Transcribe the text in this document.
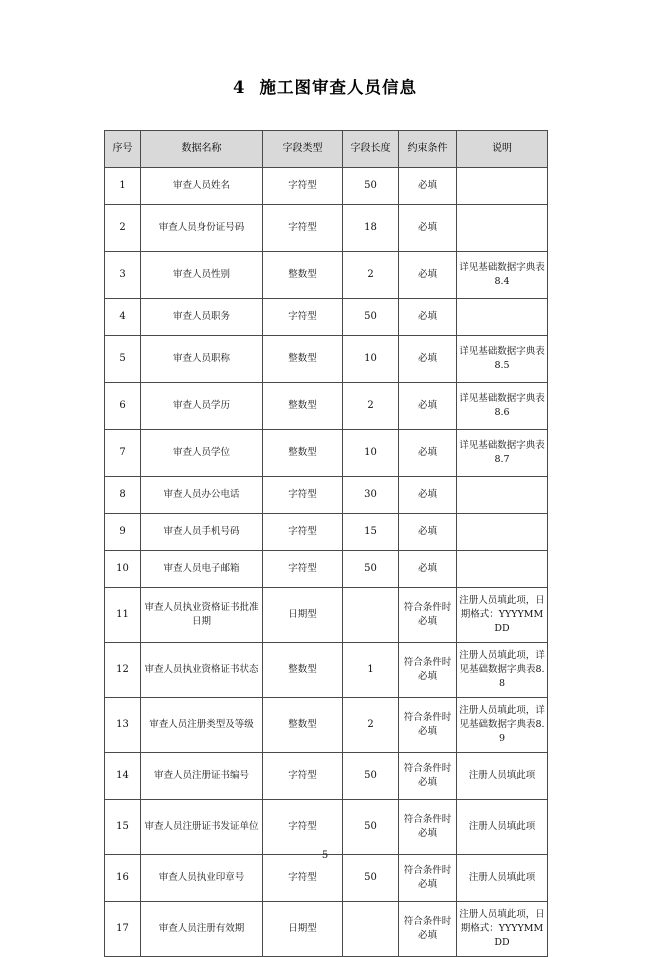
4 施工图审查人员信息
序号	数据名称	字段类型	字段长度	约束条件	说明
1	审查人员姓名	字符型	50	必填	
2	审查人员身份证号码	字符型	18	必填	
3	审查人员性别	整数型	2	必填	详见基础数据字典表8.4
4	审查人员职务	字符型	50	必填	
5	审查人员职称	整数型	10	必填	详见基础数据字典表8.5
6	审查人员学历	整数型	2	必填	详见基础数据字典表8.6
7	审查人员学位	整数型	10	必填	详见基础数据字典表8.7
8	审查人员办公电话	字符型	30	必填	
9	审查人员手机号码	字符型	15	必填	
10	审查人员电子邮箱	字符型	50	必填	
11	审查人员执业资格证书批准日期	日期型		符合条件时必填	注册人员填此项，日期格式：YYYYMMDD
12	审查人员执业资格证书状态	整数型	1	符合条件时必填	注册人员填此项，详见基础数据字典表8.8
13	审查人员注册类型及等级	整数型	2	符合条件时必填	注册人员填此项，详见基础数据字典表8.9
14	审查人员注册证书编号	字符型	50	符合条件时必填	注册人员填此项
15	审查人员注册证书发证单位	字符型	50	符合条件时必填	注册人员填此项
16	审查人员执业印章号	字符型	50	符合条件时必填	注册人员填此项
17	审查人员注册有效期	日期型		符合条件时必填	注册人员填此项，日期格式：YYYYMMDD
5
